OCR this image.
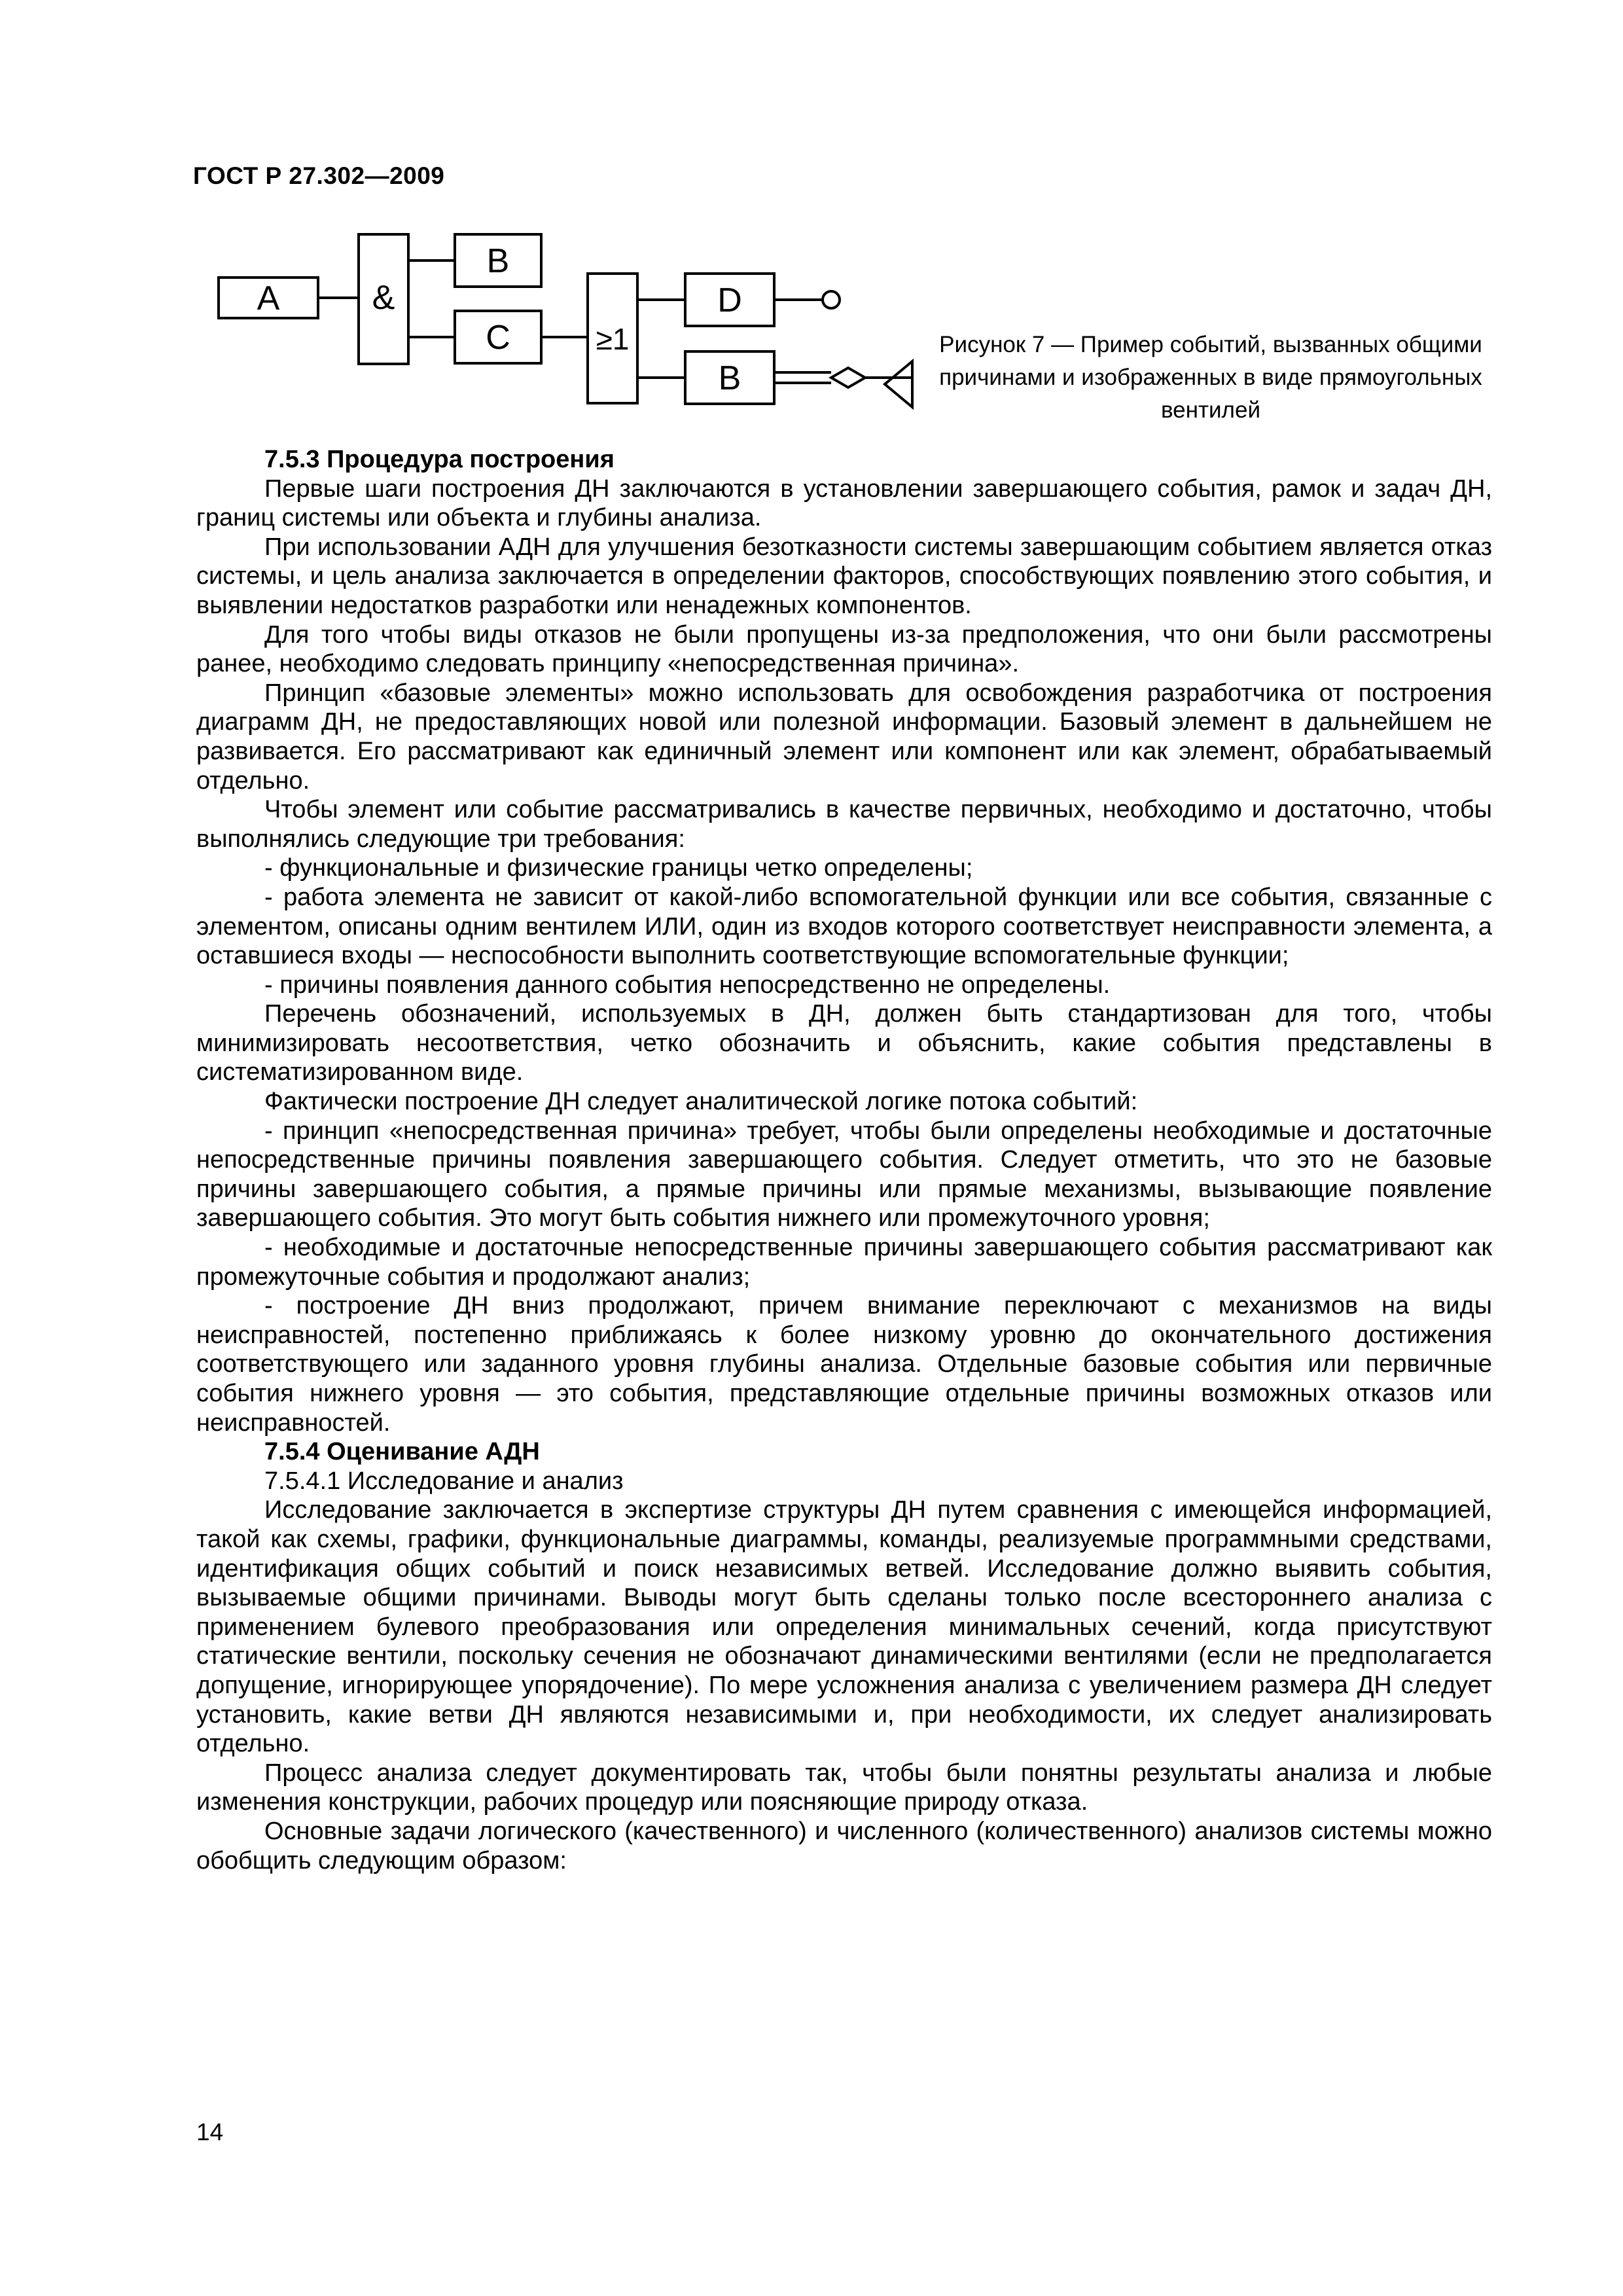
ГОСТ Р 27.302—2009
A	&
B
C	≥1
D
B
Рисунок 7 — Пример событий, вызванных общими причинами и изображенных в виде прямоугольных вентилей

7.5.3 Процедура построения

Первые шаги построения ДН заключаются в установлении завершающего события, рамок и задач ДН, границ системы или объекта и глубины анализа.

При использовании АДН для улучшения безотказности системы завершающим событием является отказ системы, и цель анализа заключается в определении факторов, способствующих появлению этого события, и выявлении недостатков разработки или ненадежных компонентов.

Для того чтобы виды отказов не были пропущены из-за предположения, что они были рассмотрены ранее, необходимо следовать принципу «непосредственная причина».

Принцип «базовые элементы» можно использовать для освобождения разработчика от построения диаграмм ДН, не предоставляющих новой или полезной информации. Базовый элемент в дальнейшем не развивается. Его рассматривают как единичный элемент или компонент или как элемент, обрабатываемый отдельно.

Чтобы элемент или событие рассматривались в качестве первичных, необходимо и достаточно, чтобы выполнялись следующие три требования:

- функциональные и физические границы четко определены;

- работа элемента не зависит от какой-либо вспомогательной функции или все события, связанные с элементом, описаны одним вентилем ИЛИ, один из входов которого соответствует неисправности элемента, а оставшиеся входы — неспособности выполнить соответствующие вспомогательные функции;

- причины появления данного события непосредственно не определены.

Перечень обозначений, используемых в ДН, должен быть стандартизован для того, чтобы минимизировать несоответствия, четко обозначить и объяснить, какие события представлены в систематизированном виде.

Фактически построение ДН следует аналитической логике потока событий:

- принцип «непосредственная причина» требует, чтобы были определены необходимые и достаточные непосредственные причины появления завершающего события. Следует отметить, что это не базовые причины завершающего события, а прямые причины или прямые механизмы, вызывающие появление завершающего события. Это могут быть события нижнего или промежуточного уровня;

- необходимые и достаточные непосредственные причины завершающего события рассматривают как промежуточные события и продолжают анализ;

- построение ДН вниз продолжают, причем внимание переключают с механизмов на виды неисправностей, постепенно приближаясь к более низкому уровню до окончательного достижения соответствующего или заданного уровня глубины анализа. Отдельные базовые события или первичные события нижнего уровня — это события, представляющие отдельные причины возможных отказов или неисправностей.

7.5.4 Оценивание АДН

7.5.4.1 Исследование и анализ

Исследование заключается в экспертизе структуры ДН путем сравнения с имеющейся информацией, такой как схемы, графики, функциональные диаграммы, команды, реализуемые программными средствами, идентификация общих событий и поиск независимых ветвей. Исследование должно выявить события, вызываемые общими причинами. Выводы могут быть сделаны только после всестороннего анализа с применением булевого преобразования или определения минимальных сечений, когда присутствуют статические вентили, поскольку сечения не обозначают динамическими вентилями (если не предполагается допущение, игнорирующее упорядочение). По мере усложнения анализа с увеличением размера ДН следует установить, какие ветви ДН являются независимыми и, при необходимости, их следует анализировать отдельно.

Процесс анализа следует документировать так, чтобы были понятны результаты анализа и любые изменения конструкции, рабочих процедур или поясняющие природу отказа.

Основные задачи логического (качественного) и численного (количественного) анализов системы можно обобщить следующим образом:

14
